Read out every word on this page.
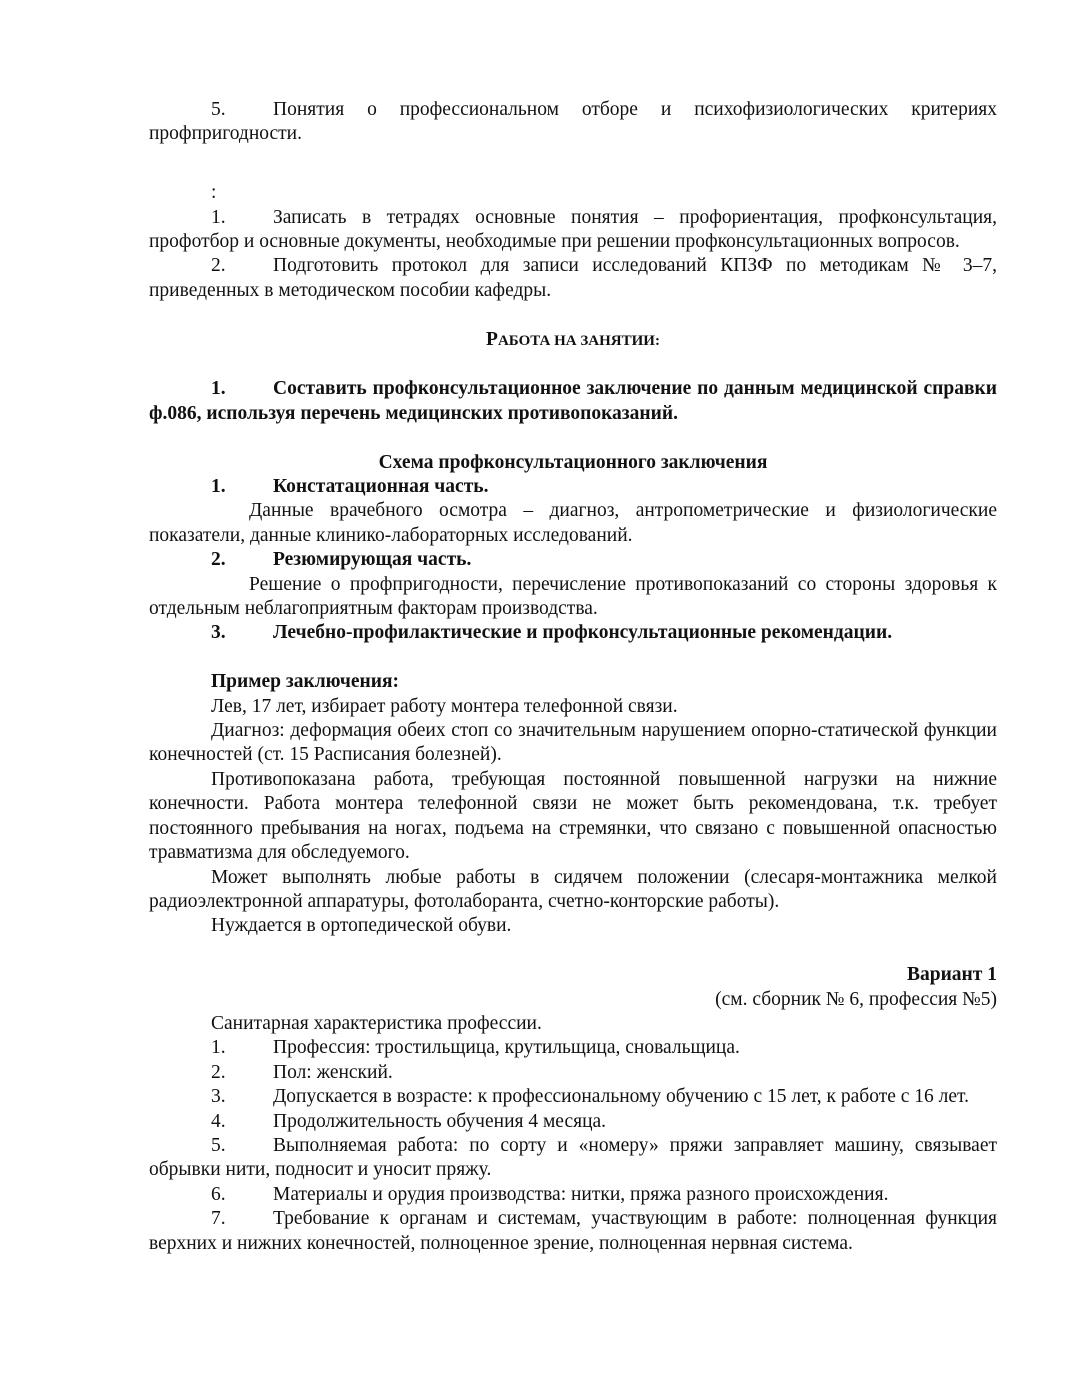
5. Понятия о профессиональном отборе и психофизиологических критериях профпригодности.

:

1. Записать в тетрадях основные понятия – профориентация, профконсультация, профотбор и основные документы, необходимые при решении профконсультационных вопросов.

2. Подготовить протокол для записи исследований КПЗФ по методикам № 3–7, приведенных в методическом пособии кафедры.

РАБОТА НА ЗАНЯТИИ:

1. Составить профконсультационное заключение по данным медицинской справки ф.086, используя перечень медицинских противопоказаний.

Схема профконсультационного заключения

1. Констатационная часть.

Данные врачебного осмотра – диагноз, антропометрические и физиологические показатели, данные клинико-лабораторных исследований.

2. Резюмирующая часть.

Решение о профпригодности, перечисление противопоказаний со стороны здоровья к отдельным неблагоприятным факторам производства.

3. Лечебно-профилактические и профконсультационные рекомендации.

Пример заключения:

Лев, 17 лет, избирает работу монтера телефонной связи.

Диагноз: деформация обеих стоп со значительным нарушением опорно-статической функции конечностей (ст. 15 Расписания болезней).

Противопоказана работа, требующая постоянной повышенной нагрузки на нижние конечности. Работа монтера телефонной связи не может быть рекомендована, т.к. требует постоянного пребывания на ногах, подъема на стремянки, что связано с повышенной опасностью травматизма для обследуемого.

Может выполнять любые работы в сидячем положении (слесаря-монтажника мелкой радиоэлектронной аппаратуры, фотолаборанта, счетно-конторские работы).

Нуждается в ортопедической обуви.

Вариант 1

(см. сборник № 6, профессия №5)

Санитарная характеристика профессии.

1. Профессия: тростильщица, крутильщица, сновальщица.

2. Пол: женский.

3. Допускается в возрасте: к профессиональному обучению с 15 лет, к работе с 16 лет.

4. Продолжительность обучения 4 месяца.

5. Выполняемая работа: по сорту и «номеру» пряжи заправляет машину, связывает обрывки нити, подносит и уносит пряжу.

6. Материалы и орудия производства: нитки, пряжа разного происхождения.

7. Требование к органам и системам, участвующим в работе: полноценная функция верхних и нижних конечностей, полноценное зрение, полноценная нервная система.
